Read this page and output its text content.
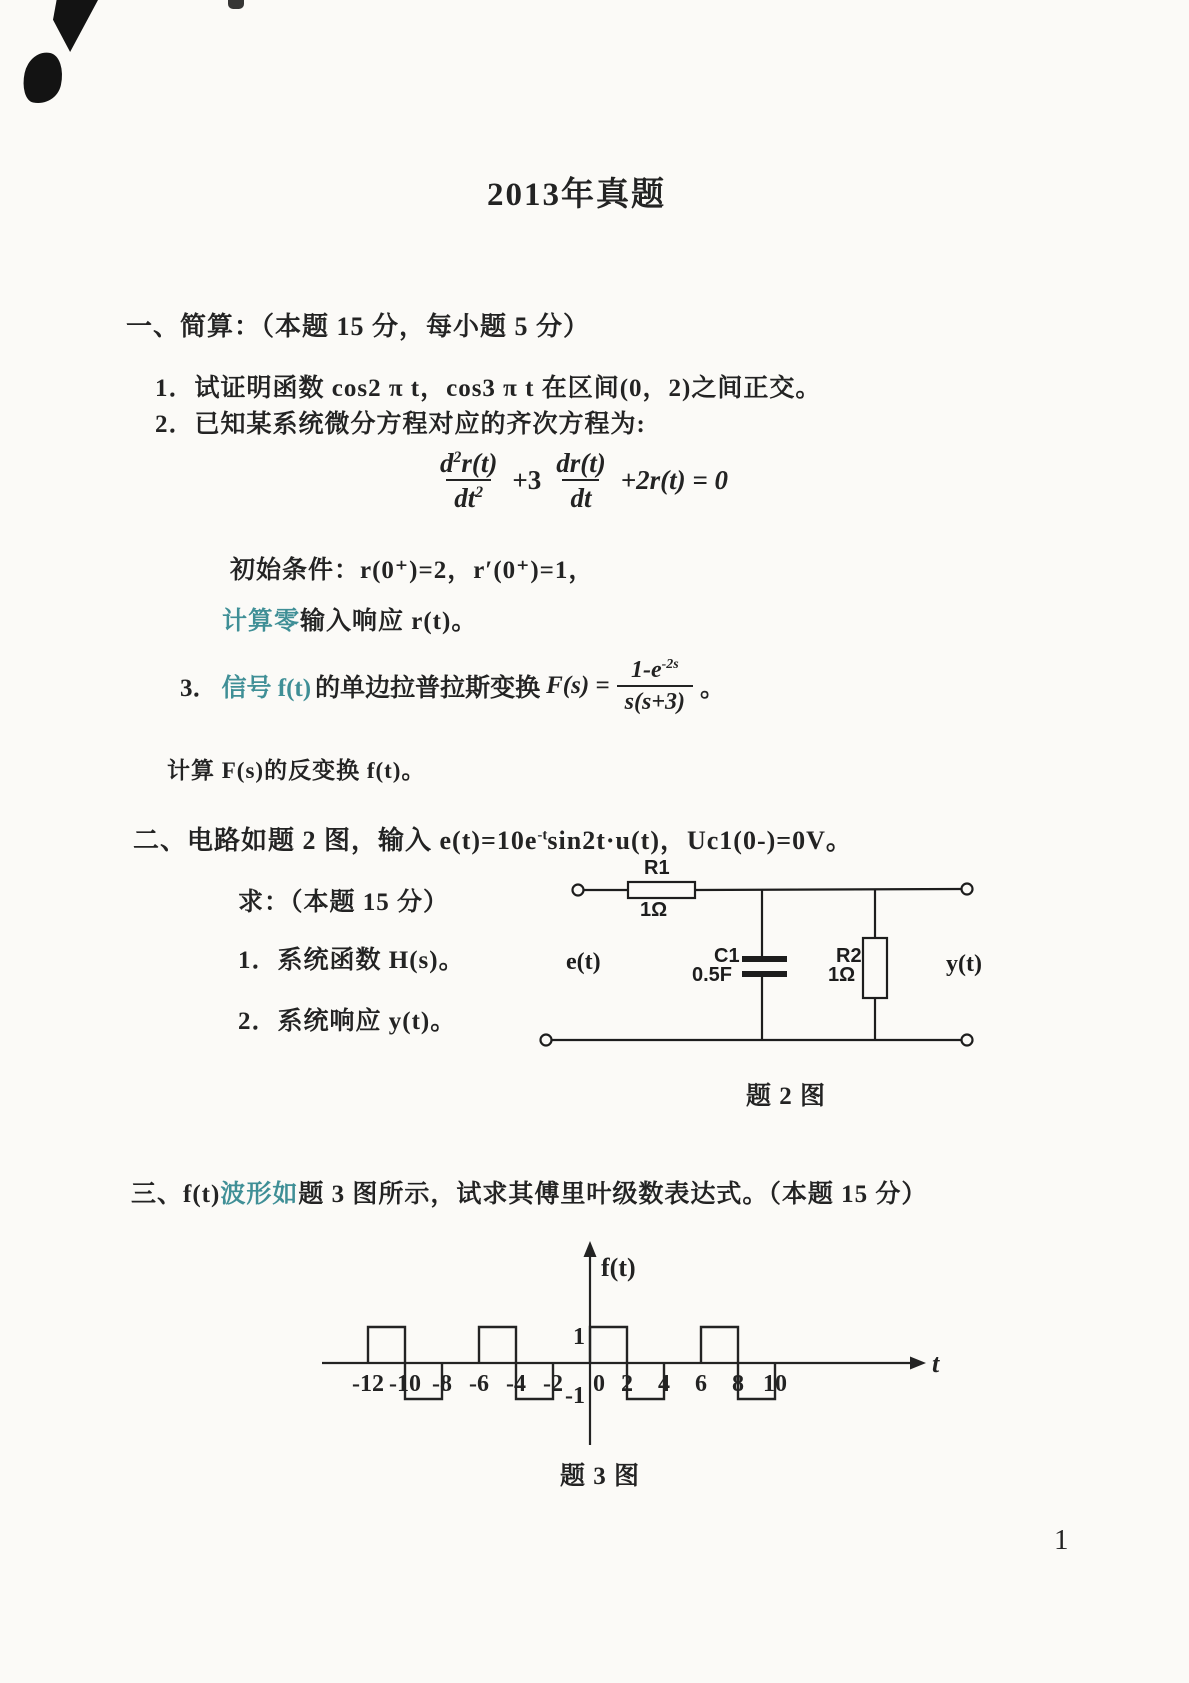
2013年真题
一、简算：（本题 15 分，每小题 5 分）
1．试证明函数 cos2 π t，cos3 π t 在区间(0，2)之间正交。
2．已知某系统微分方程对应的齐次方程为:
$\frac{d^2r(t)}{dt^2} +3 \frac{dr(t)}{dt} +2r(t) = 0$
初始条件：r(0⁺)=2，r′(0⁺)=1，
计算零输入响应 r(t)。
3． 信号 f(t) 的单边拉普拉斯变换 $F(s) = \frac{1-e^{-2s}}{s(s+3)}$ 。
计算 F(s)的反变换 f(t)。
二、电路如题 2 图，输入 $e(t)=10e^{-t}\sin 2t\cdot u(t)$，Uc1(0-)=0V。
求：（本题 15 分）
1．系统函数 H(s)。
2．系统响应 y(t)。
R1
1Ω
C1
0.5F
R2
1Ω
e(t)	y(t)
题 2 图
三、f(t)波形如题 3 图所示，试求其傅里叶级数表达式。（本题 15 分）
f(t)
t
1
-1
-12 -10 -8 -6 -4 -2 0 2 4 6 8 10
题 3 图
1
